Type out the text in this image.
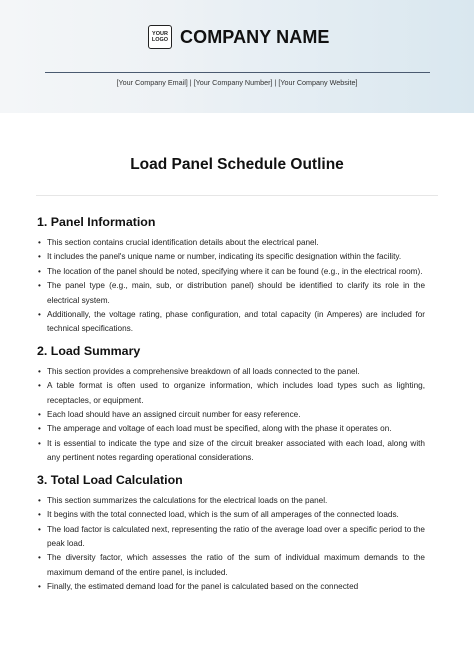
YOUR
LOGO COMPANY NAME
[Your Company Email] | [Your Company Number] | [Your Company Website]
Load Panel Schedule Outline
1. Panel Information
• This section contains crucial identification details about the electrical panel.
• It includes the panel's unique name or number, indicating its specific designation within the facility.
• The location of the panel should be noted, specifying where it can be found (e.g., in the electrical room).
• The panel type (e.g., main, sub, or distribution panel) should be identified to clarify its role in the electrical system.
• Additionally, the voltage rating, phase configuration, and total capacity (in Amperes) are included for technical specifications.
2. Load Summary
• This section provides a comprehensive breakdown of all loads connected to the panel.
• A table format is often used to organize information, which includes load types such as lighting, receptacles, or equipment.
• Each load should have an assigned circuit number for easy reference.
• The amperage and voltage of each load must be specified, along with the phase it operates on.
• It is essential to indicate the type and size of the circuit breaker associated with each load, along with any pertinent notes regarding operational considerations.
3. Total Load Calculation
• This section summarizes the calculations for the electrical loads on the panel.
• It begins with the total connected load, which is the sum of all amperages of the connected loads.
• The load factor is calculated next, representing the ratio of the average load over a specific period to the peak load.
• The diversity factor, which assesses the ratio of the sum of individual maximum demands to the maximum demand of the entire panel, is included.
• Finally, the estimated demand load for the panel is calculated based on the connected
